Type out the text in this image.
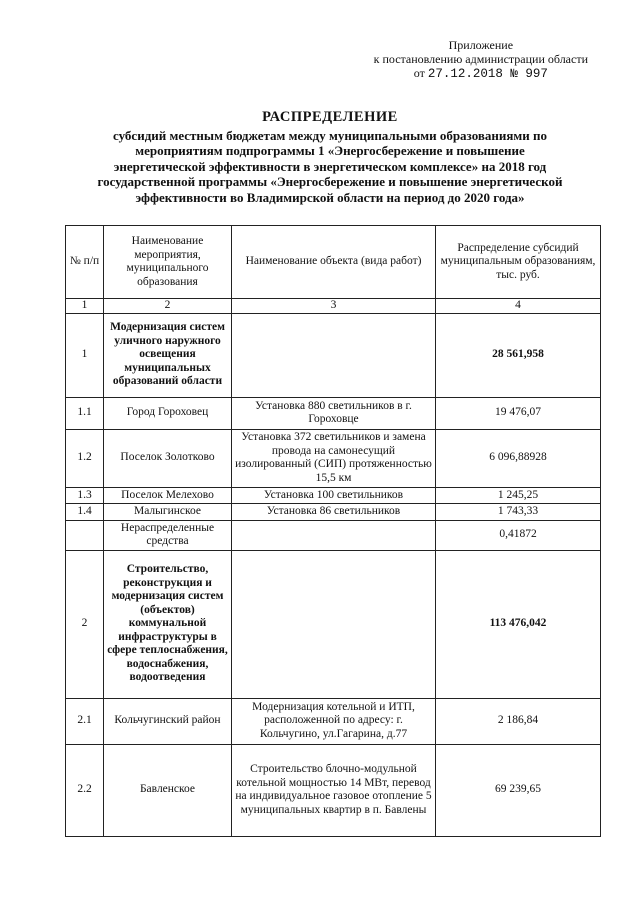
Приложение
к постановлению администрации области
от 27.12.2018 № 997
РАСПРЕДЕЛЕНИЕ
субсидий местным бюджетам между муниципальными образованиями по
мероприятиям подпрограммы 1 «Энергосбережение и повышение
энергетической эффективности в энергетическом комплексе» на 2018 год
государственной программы «Энергосбережение и повышение энергетической
эффективности во Владимирской области на период до 2020 года»
№ п/п	Наименование мероприятия, муниципального образования	Наименование объекта (вида работ)	Распределение субсидий муниципальным образованиям, тыс. руб.
1	2	3	4
1	Модернизация систем уличного наружного освещения муниципальных образований области		28 561,958
1.1	Город Гороховец	Установка 880 светильников в г. Гороховце	19 476,07
1.2	Поселок Золотково	Установка 372 светильников и замена провода на самонесущий изолированный (СИП) протяженностью 15,5 км	6 096,88928
1.3	Поселок Мелехово	Установка 100 светильников	1 245,25
1.4	Малыгинское	Установка 86 светильников	1 743,33
	Нераспределенные средства		0,41872
2	Строительство, реконструкция и модернизация систем (объектов) коммунальной инфраструктуры в сфере теплоснабжения, водоснабжения, водоотведения		113 476,042
2.1	Кольчугинский район	Модернизация котельной и ИТП, расположенной по адресу: г. Кольчугино, ул.Гагарина, д.77	2 186,84
2.2	Бавленское	Строительство блочно-модульной котельной мощностью 14 МВт, перевод на индивидуальное газовое отопление 5 муниципальных квартир в п. Бавлены	69 239,65
